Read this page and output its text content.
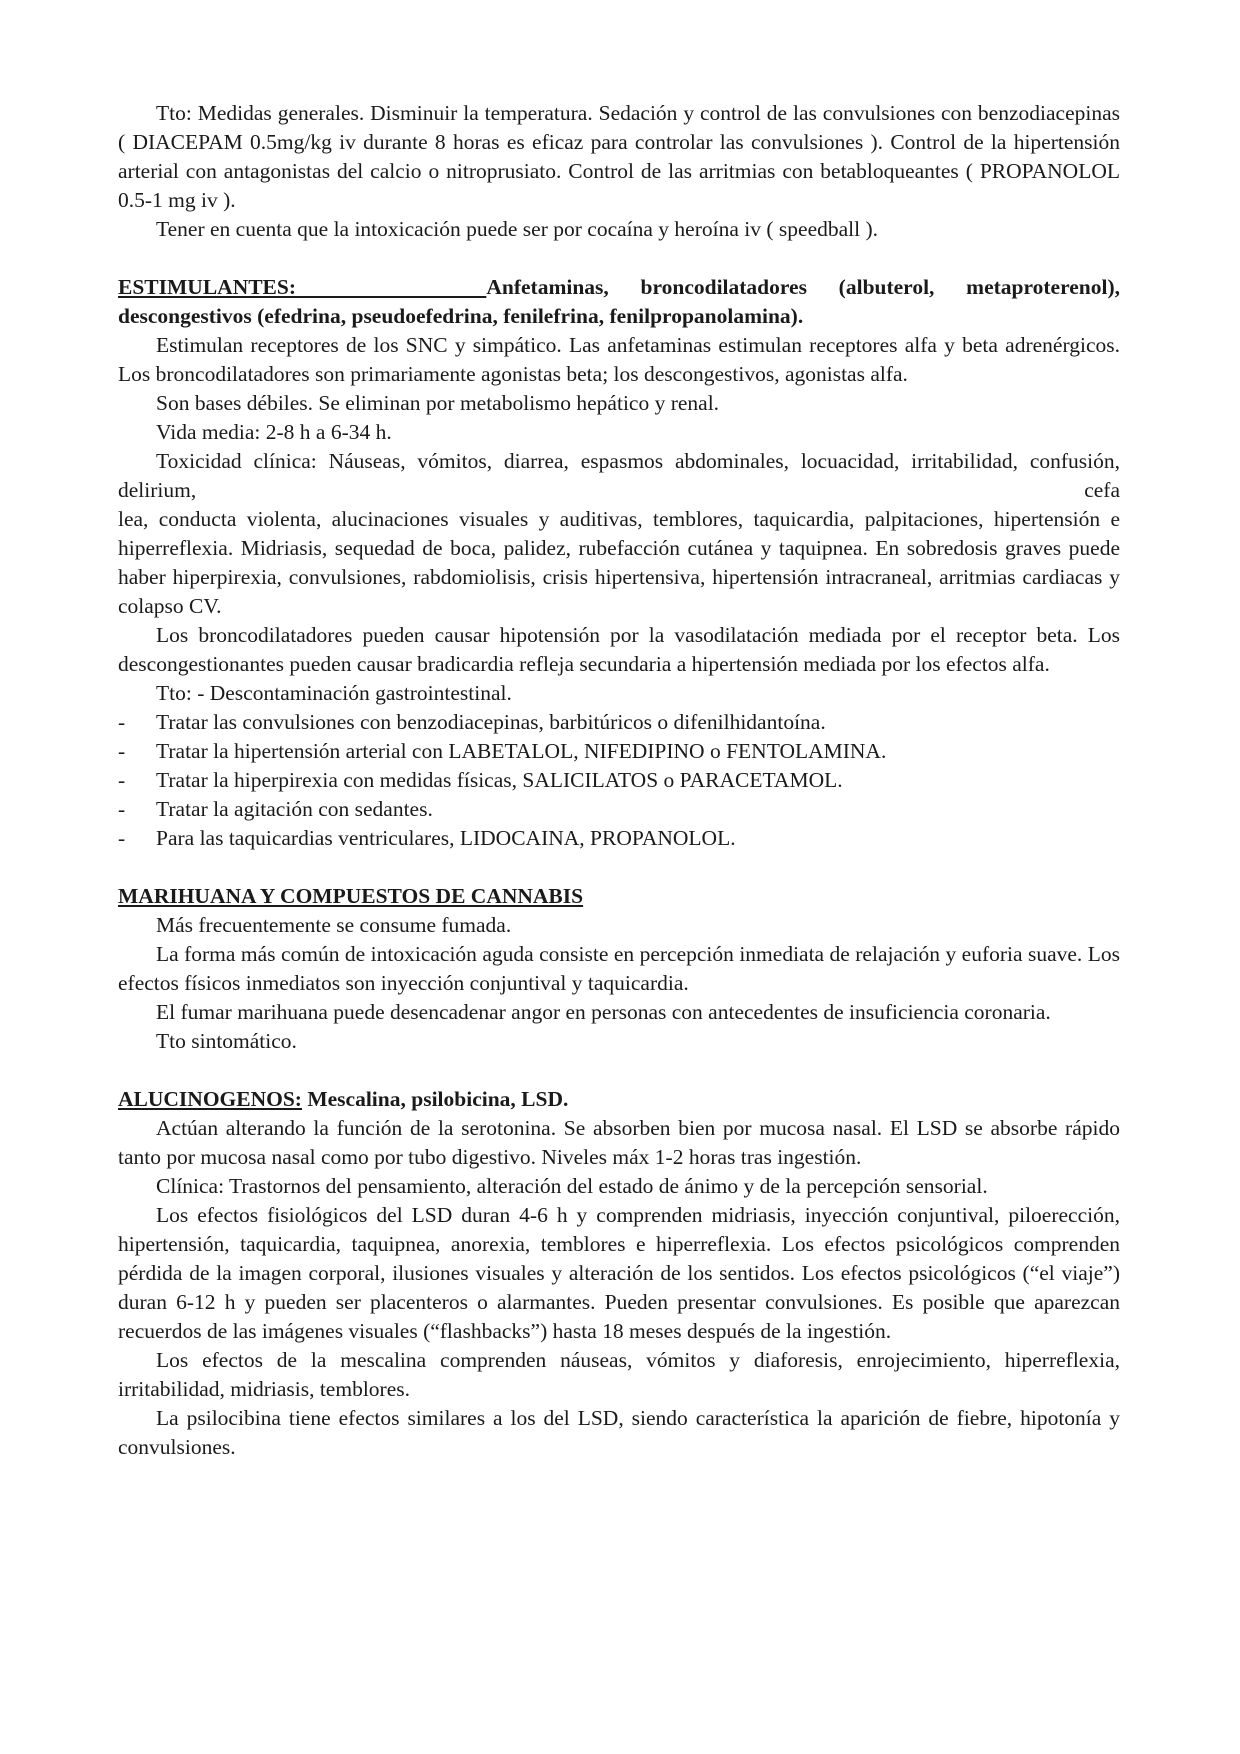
Tto: Medidas generales. Disminuir la temperatura. Sedación y control de las convulsiones con benzodiacepinas ( DIACEPAM 0.5mg/kg iv durante 8 horas es eficaz para controlar las convulsiones ). Control de la hipertensión arterial con antagonistas del calcio o nitroprusiato. Control de las arritmias con betabloqueantes ( PROPANOLOL 0.5-1 mg iv ).

Tener en cuenta que la intoxicación puede ser por cocaína y heroína iv ( speedball ).

ESTIMULANTES:	Anfetaminas, broncodilatadores (albuterol, metaproterenol),

descongestivos (efedrina, pseudoefedrina, fenilefrina, fenilpropanolamina).

Estimulan receptores de los SNC y simpático. Las anfetaminas estimulan receptores alfa y beta adrenérgicos. Los broncodilatadores son primariamente agonistas beta; los descongestivos, agonistas alfa.

Son bases débiles. Se eliminan por metabolismo hepático y renal.

Vida media: 2-8 h a 6-34 h.

Toxicidad clínica: Náuseas, vómitos, diarrea, espasmos abdominales, locuacidad, irritabilidad, confusión, delirium, cefa

lea, conducta violenta, alucinaciones visuales y auditivas, temblores, taquicardia, palpitaciones, hipertensión e hiperreflexia. Midriasis, sequedad de boca, palidez, rubefacción cutánea y taquipnea. En sobredosis graves puede haber hiperpirexia, convulsiones, rabdomiolisis, crisis hipertensiva, hipertensión intracraneal, arritmias cardiacas y colapso CV.

Los broncodilatadores pueden causar hipotensión por la vasodilatación mediada por el receptor beta. Los descongestionantes pueden causar bradicardia refleja secundaria a hipertensión mediada por los efectos alfa.

Tto: - Descontaminación gastrointestinal.

- Tratar las convulsiones con benzodiacepinas, barbitúricos o difenilhidantoína.
- Tratar la hipertensión arterial con LABETALOL, NIFEDIPINO o FENTOLAMINA.
- Tratar la hiperpirexia con medidas físicas, SALICILATOS o PARACETAMOL.
- Tratar la agitación con sedantes.
- Para las taquicardias ventriculares, LIDOCAINA, PROPANOLOL.

MARIHUANA Y COMPUESTOS DE CANNABIS

Más frecuentemente se consume fumada.

La forma más común de intoxicación aguda consiste en percepción inmediata de relajación y euforia suave. Los efectos físicos inmediatos son inyección conjuntival y taquicardia.

El fumar marihuana puede desencadenar angor en personas con antecedentes de insuficiencia coronaria.

Tto sintomático.

ALUCINOGENOS: Mescalina, psilobicina, LSD.

Actúan alterando la función de la serotonina. Se absorben bien por mucosa nasal. El LSD se absorbe rápido tanto por mucosa nasal como por tubo digestivo. Niveles máx 1-2 horas tras ingestión.

Clínica: Trastornos del pensamiento, alteración del estado de ánimo y de la percepción sensorial.

Los efectos fisiológicos del LSD duran 4-6 h y comprenden midriasis, inyección conjuntival, piloerección, hipertensión, taquicardia, taquipnea, anorexia, temblores e hiperreflexia. Los efectos psicológicos comprenden pérdida de la imagen corporal, ilusiones visuales y alteración de los sentidos. Los efectos psicológicos (“el viaje”) duran 6-12 h y pueden ser placenteros o alarmantes. Pueden presentar convulsiones. Es posible que aparezcan recuerdos de las imágenes visuales (“flashbacks”) hasta 18 meses después de la ingestión.

Los efectos de la mescalina comprenden náuseas, vómitos y diaforesis, enrojecimiento, hiperreflexia, irritabilidad, midriasis, temblores.

La psilocibina tiene efectos similares a los del LSD, siendo característica la aparición de fiebre, hipotonía y convulsiones.
